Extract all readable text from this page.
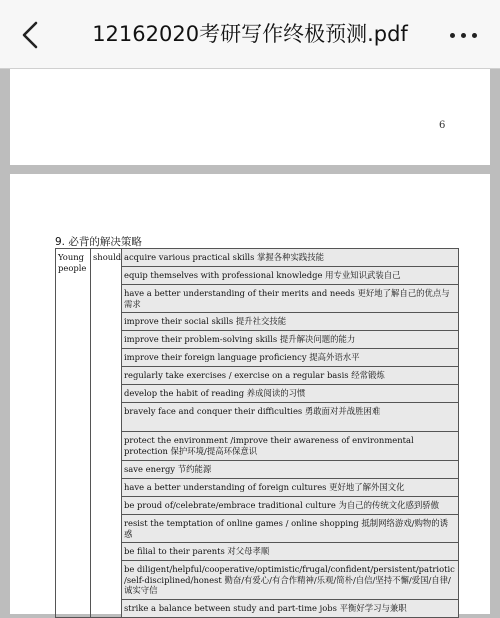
12162020考研写作终极预测.pdf
6
9. 必背的解决策略
Young people	should	acquire various practical skills 掌握各种实践技能
equip themselves with professional knowledge 用专业知识武装自己
have a better understanding of their merits and needs 更好地了解自己的优点与需求
improve their social skills 提升社交技能
improve their problem-solving skills 提升解决问题的能力
improve their foreign language proficiency 提高外语水平
regularly take exercises / exercise on a regular basis 经常锻炼
develop the habit of reading 养成阅读的习惯
bravely face and conquer their difficulties 勇敢面对并战胜困难
protect the environment /improve their awareness of environmental protection 保护环境/提高环保意识
save energy 节约能源
have a better understanding of foreign cultures 更好地了解外国文化
be proud of/celebrate/embrace traditional culture 为自己的传统文化感到骄傲
resist the temptation of online games / online shopping 抵制网络游戏/购物的诱惑
be filial to their parents 对父母孝顺
be diligent/helpful/cooperative/optimistic/frugal/confident/persistent/patriotic /self-disciplined/honest 勤奋/有爱心/有合作精神/乐观/简朴/自信/坚持不懈/爱国/自律/诚实守信
strike a balance between study and part-time jobs 平衡好学习与兼职
